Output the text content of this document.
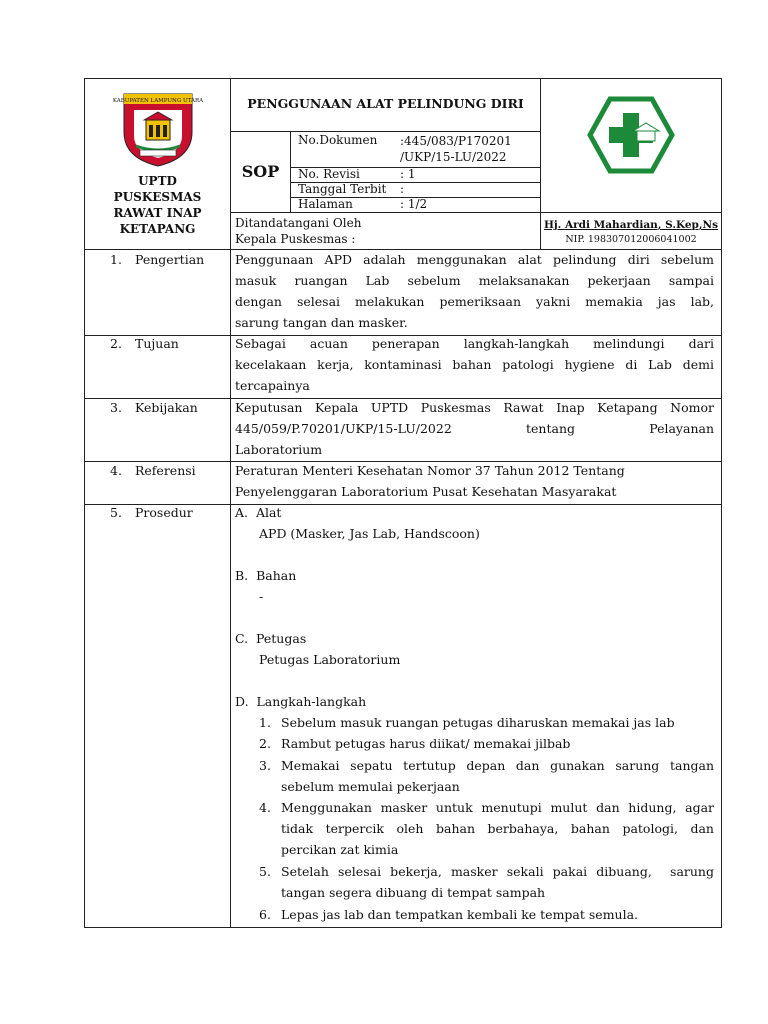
KABUPATEN LAMPUNG UTARA
UPTD
PUSKESMAS
RAWAT INAP
KETAPANG
PENGGUNAAN ALAT PELINDUNG DIRI
SOP
No.Dokumen :445/083/P170201 /UKP/15-LU/2022
No. Revisi	: 1
Tanggal Terbit :
Halaman	: 1/2
Ditandatangani Oleh
Kepala Puskesmas :
Hj. Ardi Mahardian, S.Kep,Ns
NIP. 198307012006041002
1. Pengertian
2. Tujuan
3. Kebijakan
4. Referensi
5. Prosedur
Penggunaan APD adalah menggunakan alat pelindung diri sebelum
masuk ruangan Lab sebelum melaksanakan pekerjaan sampai
dengan selesai melakukan pemeriksaan yakni memakia jas lab,
sarung tangan dan masker.
Sebagai acuan penerapan langkah-langkah melindungi dari
kecelakaan kerja, kontaminasi bahan patologi hygiene di Lab demi
tercapainya
Keputusan Kepala UPTD Puskesmas Rawat Inap Ketapang Nomor
445/059/P.70201/UKP/15-LU/2022        tentang        Pelayanan
Laboratorium
Peraturan Menteri Kesehatan Nomor 37 Tahun 2012 Tentang
Penyelenggaran Laboratorium Pusat Kesehatan Masyarakat
A.  Alat
APD (Masker, Jas Lab, Handscoon)
B.  Bahan
-
C.  Petugas
Petugas Laboratorium
D.  Langkah-langkah
1. Sebelum masuk ruangan petugas diharuskan memakai jas lab
2. Rambut petugas harus diikat/ memakai jilbab
3. Memakai sepatu tertutup depan dan gunakan sarung tangan
sebelum memulai pekerjaan
4. Menggunakan masker untuk menutupi mulut dan hidung, agar
tidak terpercik oleh bahan berbahaya, bahan patologi, dan
percikan zat kimia
5. Setelah selesai bekerja, masker sekali pakai dibuang,  sarung
tangan segera dibuang di tempat sampah
6. Lepas jas lab dan tempatkan kembali ke tempat semula.
